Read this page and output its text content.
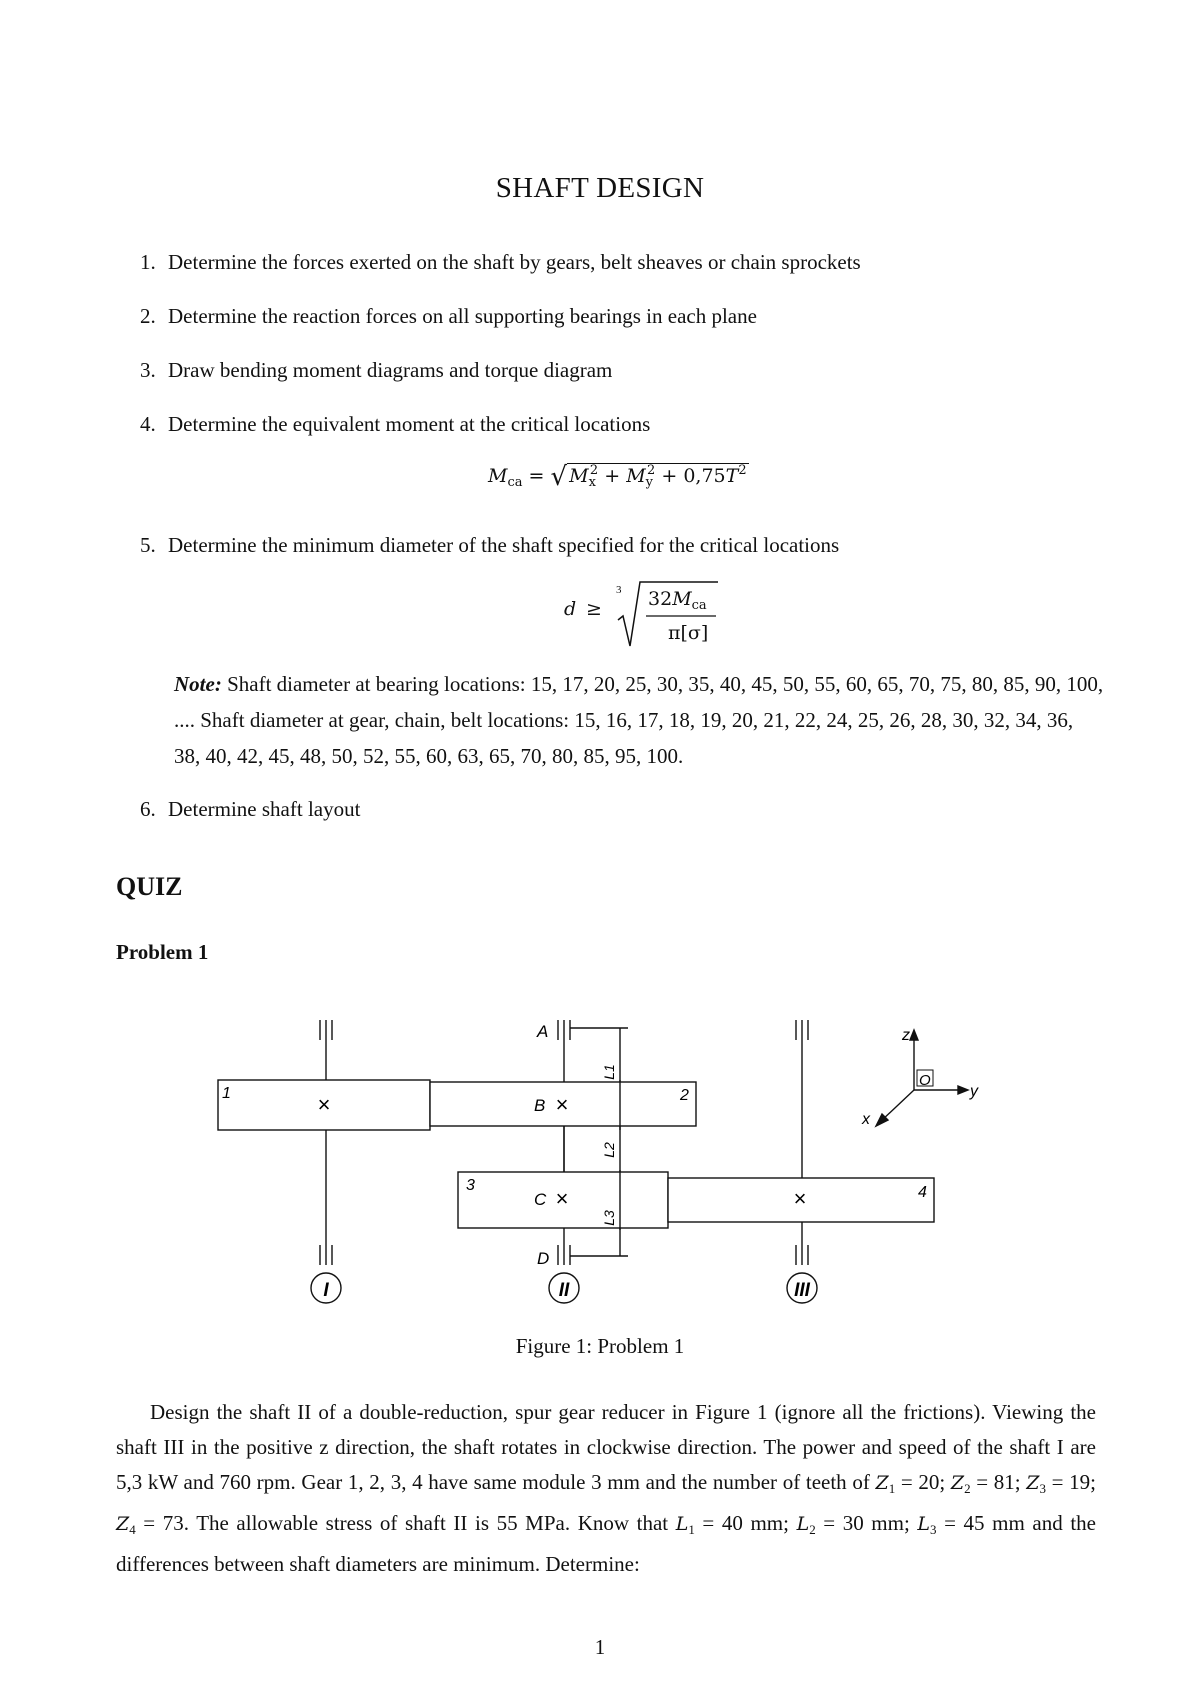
SHAFT DESIGN
1. Determine the forces exerted on the shaft by gears, belt sheaves or chain sprockets
2. Determine the reaction forces on all supporting bearings in each plane
3. Draw bending moment diagrams and torque diagram
4. Determine the equivalent moment at the critical locations
$M_{ca}$ = √ $M_x^2 + M_y^2 + 0,75T^2$
5. Determine the minimum diameter of the shaft specified for the critical locations
d ≥
3 $32M_{ca}$
π[σ]
Note: Shaft diameter at bearing locations: 15, 17, 20, 25, 30, 35, 40, 45, 50, 55, 60, 65, 70, 75, 80, 85, 90, 100, .... Shaft diameter at gear, chain, belt locations: 15, 16, 17, 18, 19, 20, 21, 22, 24, 25, 26, 28, 30, 32, 34, 36, 38, 40, 42, 45, 48, 50, 52, 55, 60, 63, 65, 70, 80, 85, 95, 100.
6. Determine shaft layout
QUIZ
Problem 1
×	×
×	×
1	2
3	4
A
B
C
D
L1
L2
L3
I	II	III
z
y
x
O
Figure 1: Problem 1
Design the shaft II of a double-reduction, spur gear reducer in Figure 1 (ignore all the frictions). Viewing the shaft III in the positive z direction, the shaft rotates in clockwise direction. The power and speed of the shaft I are 5,3 kW and 760 rpm. Gear 1, 2, 3, 4 have same module 3 mm and the number of teeth of $Z_1 = 20$; $Z_2 = 81$; $Z_3 = 19$; $Z_4 = 73$. The allowable stress of shaft II is 55 MPa. Know that $L_1 = 40$ mm; $L_2 = 30$ mm; $L_3 = 45$ mm and the differences between shaft diameters are minimum. Determine:
1
